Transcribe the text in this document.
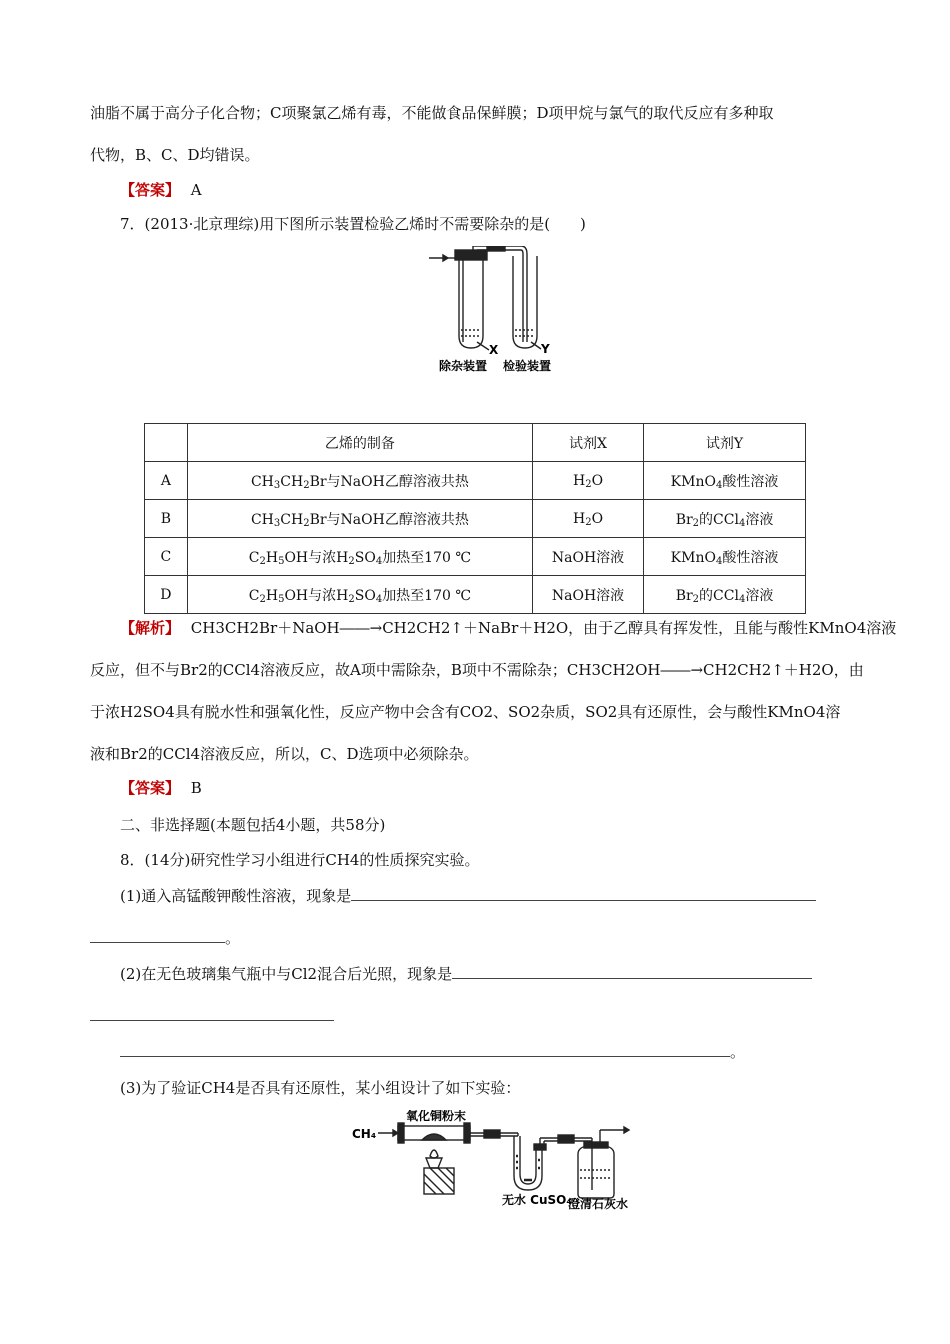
油脂不属于高分子化合物；C项聚氯乙烯有毒，不能做食品保鲜膜；D项甲烷与氯气的取代反应有多种取
代物，B、C、D均错误。
【答案】 A
7．(2013·北京理综)用下图所示装置检验乙烯时不需要除杂的是(　　)
X	Y
除杂装置 检验装置
	乙烯的制备	试剂X	试剂Y
A	$CH_3CH_2Br$与NaOH乙醇溶液共热	$H_2O$	KMnO$_4$酸性溶液
B	$CH_3CH_2Br$与NaOH乙醇溶液共热	$H_2O$	$Br_2$的CCl$_4$溶液
C	$C_2H_5OH$与浓$H_2SO_4$加热至170 ℃	NaOH溶液	KMnO$_4$酸性溶液
D	$C_2H_5OH$与浓$H_2SO_4$加热至170 ℃	NaOH溶液	$Br_2$的CCl$_4$溶液
【解析】 CH3CH2Br＋NaOH――→CH2CH2↑＋NaBr＋H2O，由于乙醇具有挥发性，且能与酸性KMnO4溶液
反应，但不与Br2的CCl4溶液反应，故A项中需除杂，B项中不需除杂；CH3CH2OH――→CH2CH2↑＋H2O，由
于浓H2SO4具有脱水性和强氧化性，反应产物中会含有CO2、SO2杂质，SO2具有还原性，会与酸性KMnO4溶
液和Br2的CCl4溶液反应，所以，C、D选项中必须除杂。
【答案】 B
二、非选择题(本题包括4小题，共58分)
8．(14分)研究性学习小组进行CH4的性质探究实验。
(1)通入高锰酸钾酸性溶液，现象是
。
(2)在无色玻璃集气瓶中与Cl2混合后光照，现象是
。
(3)为了验证CH4是否具有还原性，某小组设计了如下实验：
CH₄
氧化铜粉末
无水 CuSO₄
澄清石灰水
